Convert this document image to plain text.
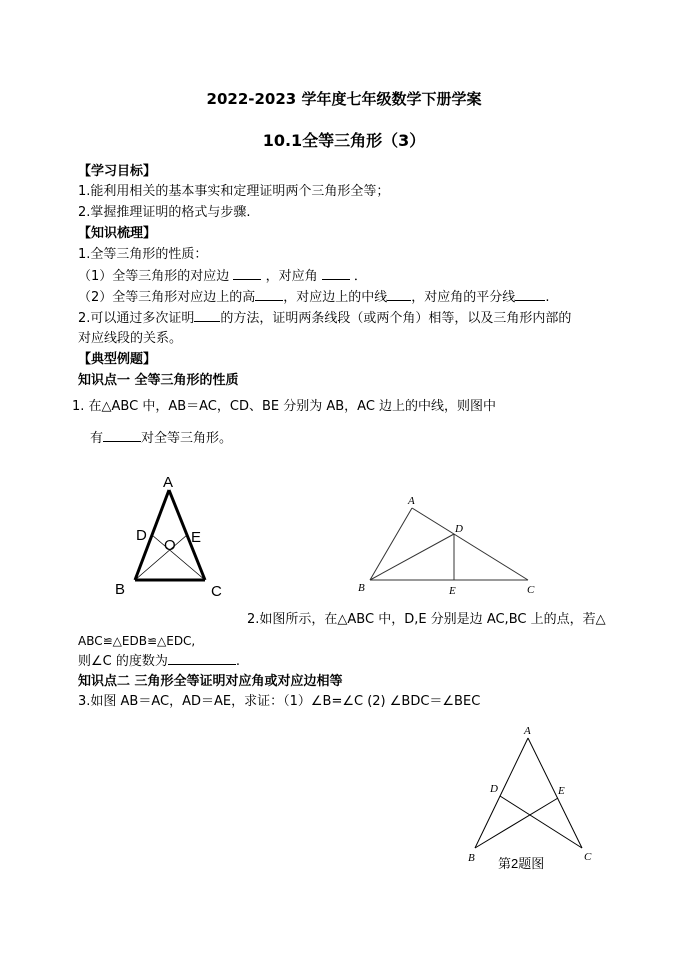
2022-2023 学年度七年级数学下册学案
10.1全等三角形（3）
【学习目标】
1.能利用相关的基本事实和定理证明两个三角形全等；
2.掌握推理证明的格式与步骤.
【知识梳理】
1.全等三角形的性质：
（1）全等三角形的对应边	，对应角	．
（2）全等三角形对应边上的高 ，对应边上的中线 ，对应角的平分线 .
2.可以通过多次证明 的方法，证明两条线段（或两个角）相等，以及三角形内部的
对应线段的关系。
【典型例题】
知识点一 全等三角形的性质
1. 在△ABC 中，AB＝AC，CD、BE 分别为 AB，AC 边上的中线，则图中
有	对全等三角形。
A
D
O E
B	C
A
D
B	E	C
2.如图所示，在△ABC 中，D,E 分别是边 AC,BC 上的点，若△
ABC≌△EDB≌△EDC,
则∠C 的度数为	.
知识点二 三角形全等证明对应角或对应边相等
3.如图 AB＝AC，AD＝AE，求证：（1）∠B=∠C (2) ∠BDC＝∠BEC
A
D	E
B	C
第2题图
